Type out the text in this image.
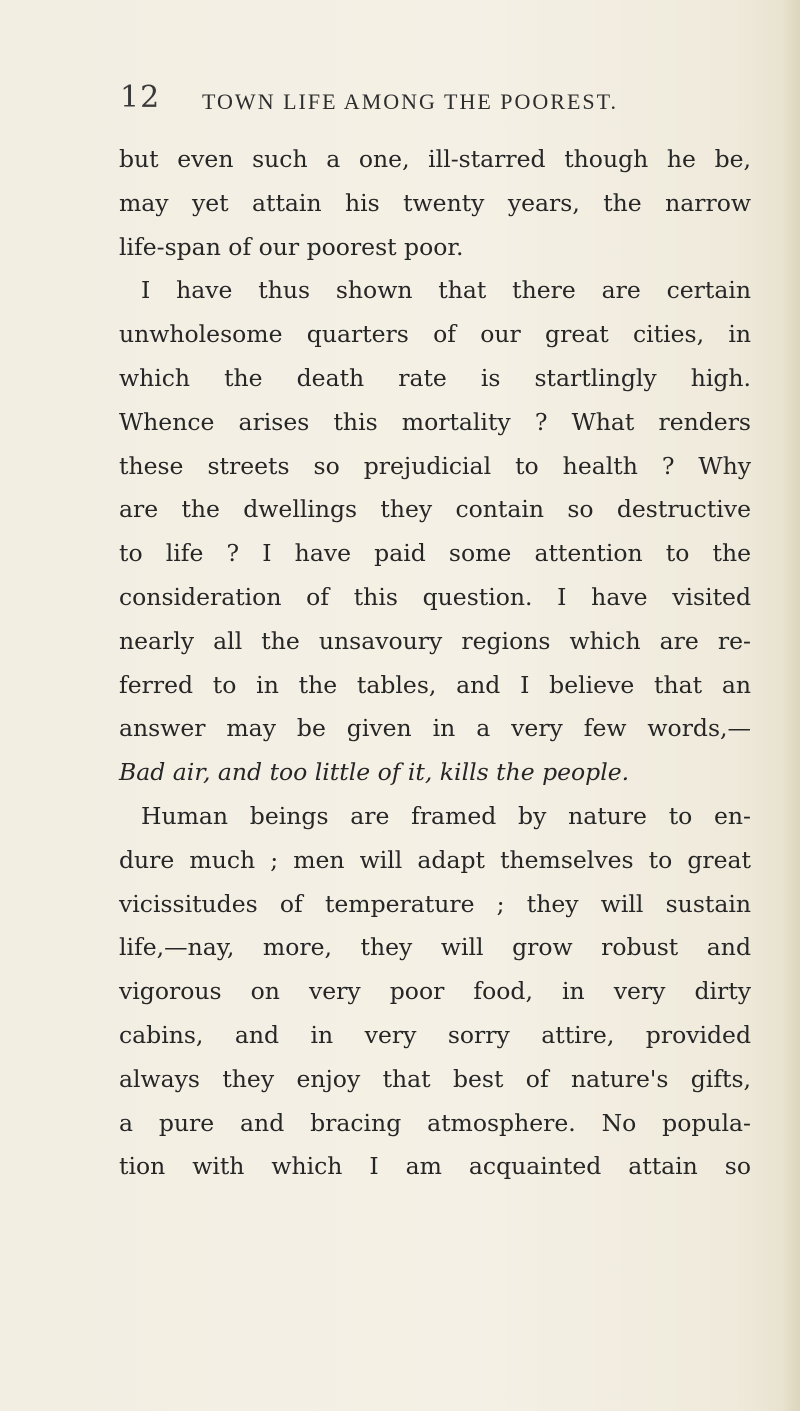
12 TOWN LIFE AMONG THE POOREST.
but even such a one, ill-starred though he be,
may yet attain his twenty years, the narrow
life-span of our poorest poor.
I have thus shown that there are certain
unwholesome quarters of our great cities, in
which the death rate is startlingly high.
Whence arises this mortality ? What renders
these streets so prejudicial to health ? Why
are the dwellings they contain so destructive
to life ? I have paid some attention to the
consideration of this question. I have visited
nearly all the unsavoury regions which are re-
ferred to in the tables, and I believe that an
answer may be given in a very few words,—
Bad air, and too little of it, kills the people.
Human beings are framed by nature to en-
dure much ; men will adapt themselves to great
vicissitudes of temperature ; they will sustain
life,—nay, more, they will grow robust and
vigorous on very poor food, in very dirty
cabins, and in very sorry attire, provided
always they enjoy that best of nature's gifts,
a pure and bracing atmosphere. No popula-
tion with which I am acquainted attain so
